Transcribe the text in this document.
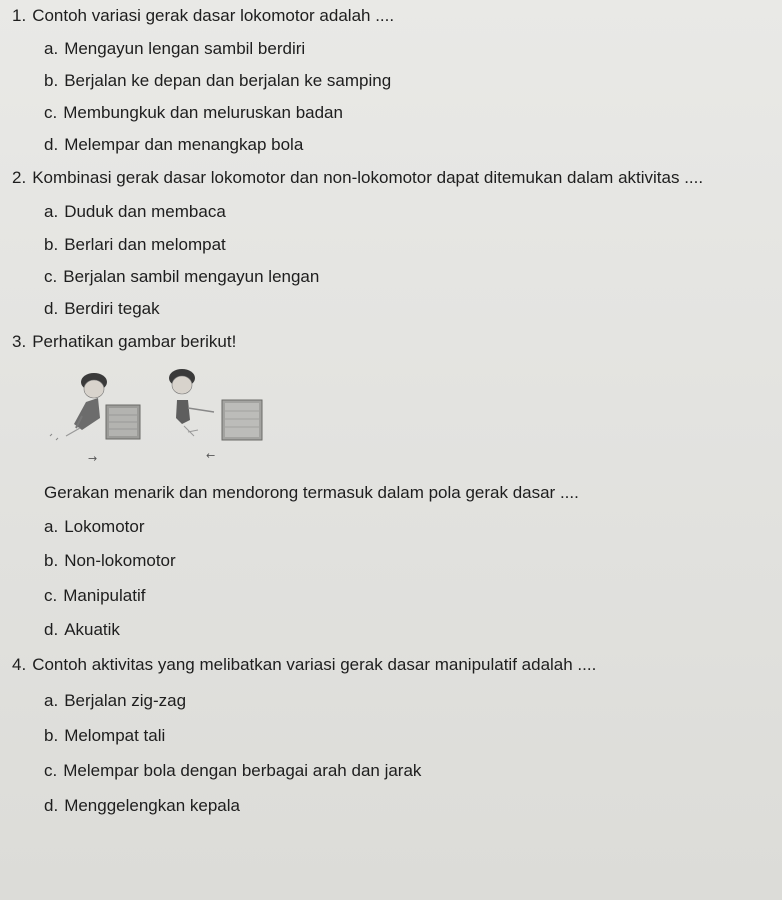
1. Contoh variasi gerak dasar lokomotor adalah ....
a. Mengayun lengan sambil berdiri
b. Berjalan ke depan dan berjalan ke samping
c. Membungkuk dan meluruskan badan
d. Melempar dan menangkap bola
2. Kombinasi gerak dasar lokomotor dan non-lokomotor dapat ditemukan dalam aktivitas ....
a. Duduk dan membaca
b. Berlari dan melompat
c. Berjalan sambil mengayun lengan
d. Berdiri tegak
3. Perhatikan gambar berikut!
→	←
Gerakan menarik dan mendorong termasuk dalam pola gerak dasar ....
a. Lokomotor
b. Non-lokomotor
c. Manipulatif
d. Akuatik
4. Contoh aktivitas yang melibatkan variasi gerak dasar manipulatif adalah ....
a. Berjalan zig-zag
b. Melompat tali
c. Melempar bola dengan berbagai arah dan jarak
d. Menggelengkan kepala
